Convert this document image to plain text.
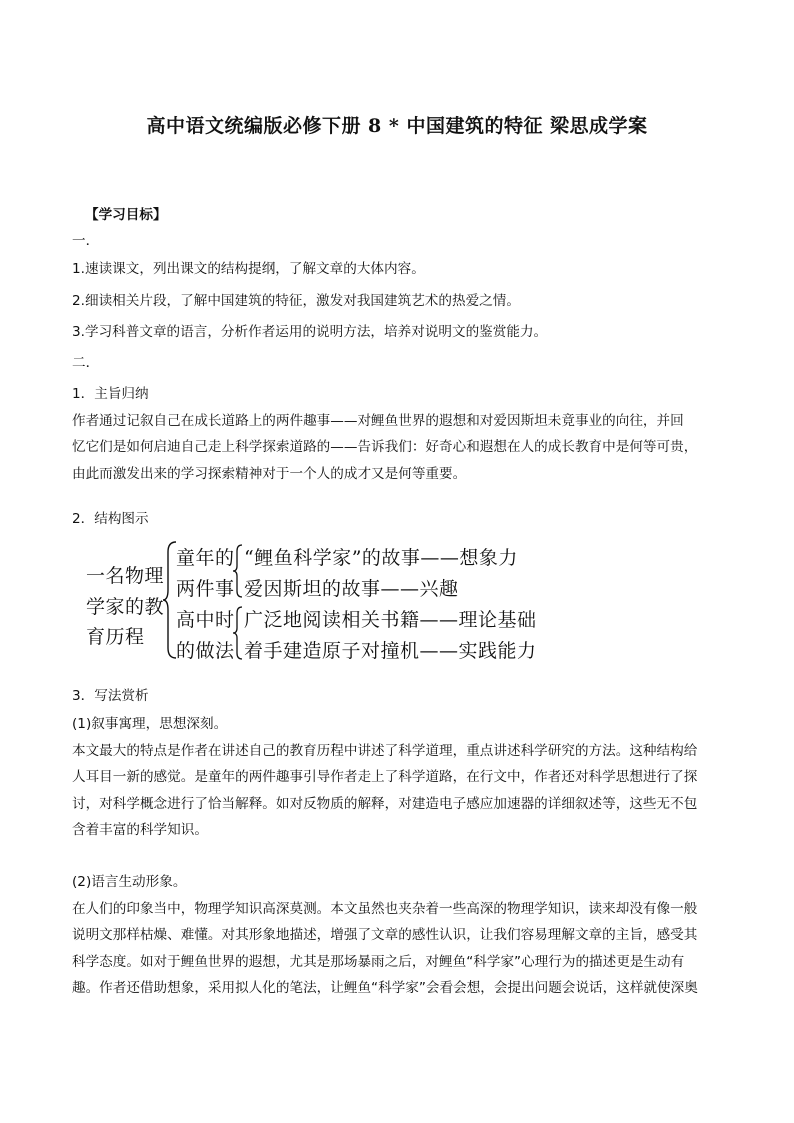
高中语文统编版必修下册 8 * 中国建筑的特征 梁思成学案
【学习目标】
一．
1.速读课文，列出课文的结构提纲，了解文章的大体内容。
2.细读相关片段，了解中国建筑的特征，激发对我国建筑艺术的热爱之情。
3.学习科普文章的语言，分析作者运用的说明方法，培养对说明文的鉴赏能力。
二．
1．主旨归纳

作者通过记叙自己在成长道路上的两件趣事——对鲤鱼世界的遐想和对爱因斯坦未竟事业的向往，并回

忆它们是如何启迪自己走上科学探索道路的——告诉我们：好奇心和遐想在人的成长教育中是何等可贵，

由此而激发出来的学习探索精神对于一个人的成才又是何等重要。

2．结构图示
一名物理
学家的教
育历程
童年的
两件事
“鲤鱼科学家”的故事——想象力
爱因斯坦的故事——兴趣
高中时
的做法
广泛地阅读相关书籍——理论基础
着手建造原子对撞机——实践能力
3．写法赏析
(1)叙事寓理，思想深刻。

本文最大的特点是作者在讲述自己的教育历程中讲述了科学道理，重点讲述科学研究的方法。这种结构给

人耳目一新的感觉。是童年的两件趣事引导作者走上了科学道路，在行文中，作者还对科学思想进行了探

讨，对科学概念进行了恰当解释。如对反物质的解释，对建造电子感应加速器的详细叙述等，这些无不包

含着丰富的科学知识。

(2)语言生动形象。

在人们的印象当中，物理学知识高深莫测。本文虽然也夹杂着一些高深的物理学知识，读来却没有像一般

说明文那样枯燥、难懂。对其形象地描述，增强了文章的感性认识，让我们容易理解文章的主旨，感受其

科学态度。如对于鲤鱼世界的遐想，尤其是那场暴雨之后，对鲤鱼“科学家”心理行为的描述更是生动有

趣。作者还借助想象，采用拟人化的笔法，让鲤鱼“科学家”会看会想，会提出问题会说话，这样就使深奥
